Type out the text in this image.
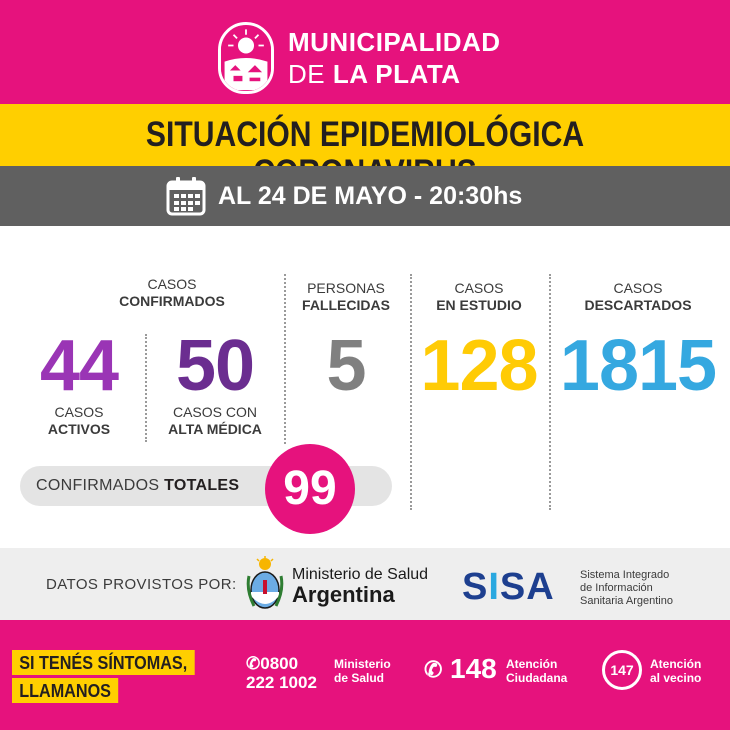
MUNICIPALIDAD
DE LA PLATA
SITUACIÓN EPIDEMIOLÓGICA
AL 24 DE MAYO - 20:30hs
CASOS
CONFIRMADOS
44
CASOS
ACTIVOS
50
CASOS CON
ALTA MÉDICA
PERSONAS
FALLECIDAS
5
CASOS
EN ESTUDIO
128
CASOS
DESCARTADOS
1815
CONFIRMADOS TOTALES 99
DATOS PROVISTOS POR:
Ministerio de Salud
Argentina	SISA Sistema Integrado
de Información
Sanitaria Argentino
SI TENÉS SÍNTOMAS,
LLAMANOS
✆0800
222 1002
Ministerio
de Salud	✆ 148 Atención
Ciudadana	147	Atención
al vecino
